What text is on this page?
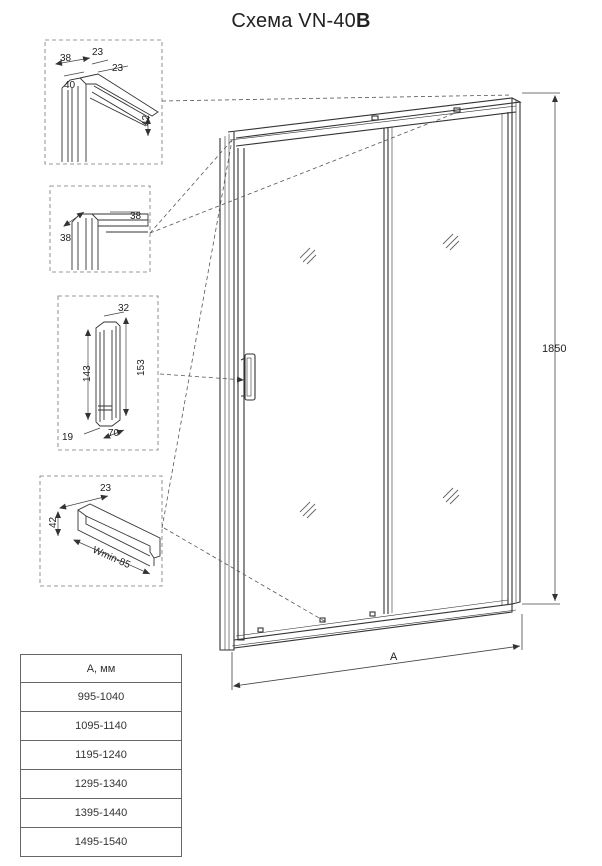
Схема VN-40B
1850
A
38
23
23
40
42
38
38
32
143	153
19	70
23
42
Wmin-85
A, мм
995-1040
1095-1140
1195-1240
1295-1340
1395-1440
1495-1540
